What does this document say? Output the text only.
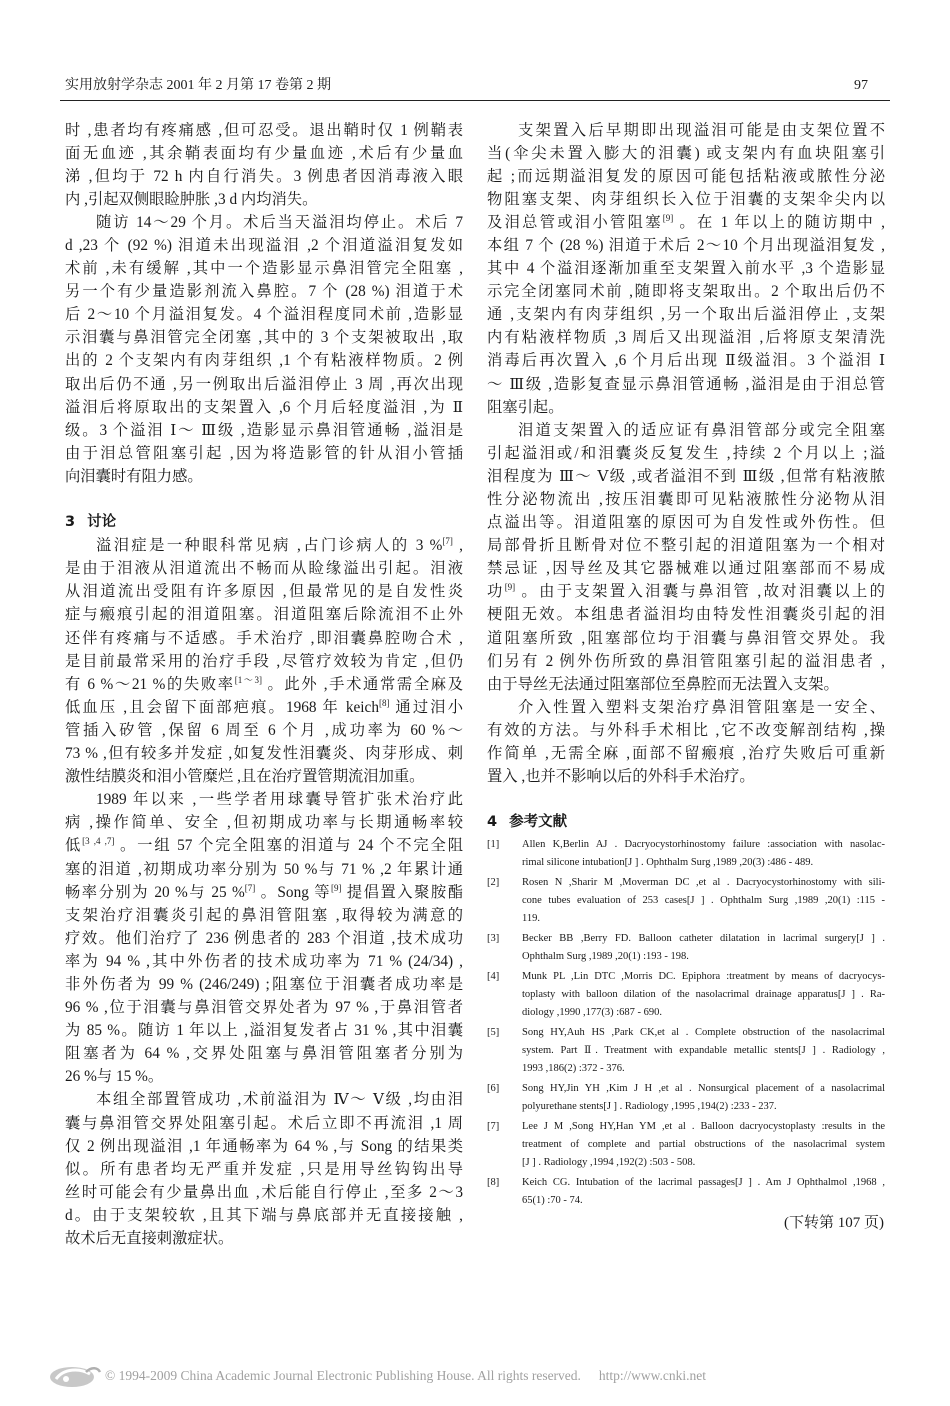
实用放射学杂志 2001 年 2 月第 17 卷第 2 期	97
时 ,患者均有疼痛感 ,但可忍受。退出鞘时仅 1 例鞘表
面无血迹 ,其余鞘表面均有少量血迹 ,术后有少量血
涕 ,但均于 72 h 内自行消失。3 例患者因消毒液入眼
内 ,引起双侧眼睑肿胀 ,3 d 内均消失。
随访 14～29 个月。术后当天溢泪均停止。术后 7
d ,23 个 (92 %) 泪道未出现溢泪 ,2 个泪道溢泪复发如
术前 ,未有缓解 ,其中一个造影显示鼻泪管完全阻塞 ,
另一个有少量造影剂流入鼻腔。7 个 (28 %) 泪道于术
后 2～10 个月溢泪复发。4 个溢泪程度同术前 ,造影显
示泪囊与鼻泪管完全闭塞 ,其中的 3 个支架被取出 ,取
出的 2 个支架内有肉芽组织 ,1 个有粘液样物质。2 例
取出后仍不通 ,另一例取出后溢泪停止 3 周 ,再次出现
溢泪后将原取出的支架置入 ,6 个月后轻度溢泪 ,为 Ⅱ
级。3 个溢泪 Ⅰ～ Ⅲ级 ,造影显示鼻泪管通畅 ,溢泪是
由于泪总管阻塞引起 ,因为将造影管的针从泪小管插
向泪囊时有阻力感。
3 讨论
溢泪症是一种眼科常见病 ,占门诊病人的 3 %[7] ,
是由于泪液从泪道流出不畅而从睑缘溢出引起。泪液
从泪道流出受阻有许多原因 ,但最常见的是自发性炎
症与瘢痕引起的泪道阻塞。泪道阻塞后除流泪不止外
还伴有疼痛与不适感。手术治疗 ,即泪囊鼻腔吻合术 ,
是目前最常采用的治疗手段 ,尽管疗效较为肯定 ,但仍
有 6 %～21 %的失败率[1～3] 。此外 ,手术通常需全麻及
低血压 ,且会留下面部疤痕。1968 年 keich[8] 通过泪小
管插入矽管 ,保留 6 周至 6 个月 ,成功率为 60 %～
73 % ,但有较多并发症 ,如复发性泪囊炎、肉芽形成、刺
激性结膜炎和泪小管糜烂 ,且在治疗置管期流泪加重。
1989 年以来 ,一些学者用球囊导管扩张术治疗此
病 ,操作简单、安全 ,但初期成功率与长期通畅率较
低[3 ,4 ,7] 。一组 57 个完全阻塞的泪道与 24 个不完全阻
塞的泪道 ,初期成功率分别为 50 %与 71 % ,2 年累计通
畅率分别为 20 %与 25 %[7] 。Song 等[9] 提倡置入聚胺酯
支架治疗泪囊炎引起的鼻泪管阻塞 ,取得较为满意的
疗效。他们治疗了 236 例患者的 283 个泪道 ,技术成功
率为 94 % ,其中外伤者的技术成功率为 71 % (24/34) ,
非外伤者为 99 % (246/249) ;阻塞位于泪囊者成功率是
96 % ,位于泪囊与鼻泪管交界处者为 97 % ,于鼻泪管者
为 85 %。随访 1 年以上 ,溢泪复发者占 31 % ,其中泪囊
阻塞者为 64 % ,交界处阻塞与鼻泪管阻塞者分别为
26 %与 15 %。
本组全部置管成功 ,术前溢泪为 Ⅳ～ Ⅴ级 ,均由泪
囊与鼻泪管交界处阻塞引起。术后立即不再流泪 ,1 周
仅 2 例出现溢泪 ,1 年通畅率为 64 % ,与 Song 的结果类
似。所有患者均无严重并发症 ,只是用导丝钩钩出导
丝时可能会有少量鼻出血 ,术后能自行停止 ,至多 2～3
d。由于支架较软 ,且其下端与鼻底部并无直接接触 ,
故术后无直接刺激症状。
支架置入后早期即出现溢泪可能是由支架位置不
当(伞尖未置入膨大的泪囊) 或支架内有血块阻塞引
起 ;而远期溢泪复发的原因可能包括粘液或脓性分泌
物阻塞支架、肉芽组织长入位于泪囊的支架伞尖内以
及泪总管或泪小管阻塞[9] 。在 1 年以上的随访期中 ,
本组 7 个 (28 %) 泪道于术后 2～10 个月出现溢泪复发 ,
其中 4 个溢泪逐渐加重至支架置入前水平 ,3 个造影显
示完全闭塞同术前 ,随即将支架取出。2 个取出后仍不
通 ,支架内有肉芽组织 ,另一个取出后溢泪停止 ,支架
内有粘液样物质 ,3 周后又出现溢泪 ,后将原支架清洗
消毒后再次置入 ,6 个月后出现 Ⅱ级溢泪。3 个溢泪 Ⅰ
～ Ⅲ级 ,造影复查显示鼻泪管通畅 ,溢泪是由于泪总管
阻塞引起。
泪道支架置入的适应证有鼻泪管部分或完全阻塞
引起溢泪或/和泪囊炎反复发生 ,持续 2 个月以上 ;溢
泪程度为 Ⅲ～ Ⅴ级 ,或者溢泪不到 Ⅲ级 ,但常有粘液脓
性分泌物流出 ,按压泪囊即可见粘液脓性分泌物从泪
点溢出等。泪道阻塞的原因可为自发性或外伤性。但
局部骨折且断骨对位不整引起的泪道阻塞为一个相对
禁忌证 ,因导丝及其它器械难以通过阻塞部而不易成
功[9] 。由于支架置入泪囊与鼻泪管 ,故对泪囊以上的
梗阻无效。本组患者溢泪均由特发性泪囊炎引起的泪
道阻塞所致 ,阻塞部位均于泪囊与鼻泪管交界处。我
们另有 2 例外伤所致的鼻泪管阻塞引起的溢泪患者 ,
由于导丝无法通过阻塞部位至鼻腔而无法置入支架。
介入性置入塑料支架治疗鼻泪管阻塞是一安全、
有效的方法。与外科手术相比 ,它不改变解剖结构 ,操
作简单 ,无需全麻 ,面部不留瘢痕 ,治疗失败后可重新
置入 ,也并不影响以后的外科手术治疗。
4 参考文献
[1]	Allen K,Berlin AJ . Dacryocystorhinostomy failure :association with nasolac-
rimal silicone intubation[J ] . Ophthalm Surg ,1989 ,20(3) :486 - 489.
[2]	Rosen N ,Sharir M ,Moverman DC ,et al . Dacryocystorhinostomy with sili-
cone tubes evaluation of 253 cases[J ] . Ophthalm Surg ,1989 ,20(1) :115 -
119.
[3]	Becker BB ,Berry FD. Balloon catheter dilatation in lacrimal surgery[J ] .
Ophthalm Surg ,1989 ,20(1) :193 - 198.
[4]	Munk PL ,Lin DTC ,Morris DC. Epiphora :treatment by means of dacryocys-
toplasty with balloon dilation of the nasolacrimal drainage apparatus[J ] . Ra-
diology ,1990 ,177(3) :687 - 690.
[5]	Song HY,Auh HS ,Park CK,et al . Complete obstruction of the nasolacrimal
system. Part Ⅱ. Treatment with expandable metallic stents[J ] . Radiology ,
1993 ,186(2) :372 - 376.
[6]	Song HY,Jin YH ,Kim J H ,et al . Nonsurgical placement of a nasolacrimal
polyurethane stents[J ] . Radiology ,1995 ,194(2) :233 - 237.
[7]	Lee J M ,Song HY,Han YM ,et al . Balloon dacryocystoplasty :results in the
treatment of complete and partial obstructions of the nasolacrimal system
[J ] . Radiology ,1994 ,192(2) :503 - 508.
[8]	Keich CG. Intubation of the lacrimal passages[J ] . Am J Ophthalmol ,1968 ,
65(1) :70 - 74.
(下转第 107 页)
© 1994-2009 China Academic Journal Electronic Publishing House. All rights reserved. http://www.cnki.net
